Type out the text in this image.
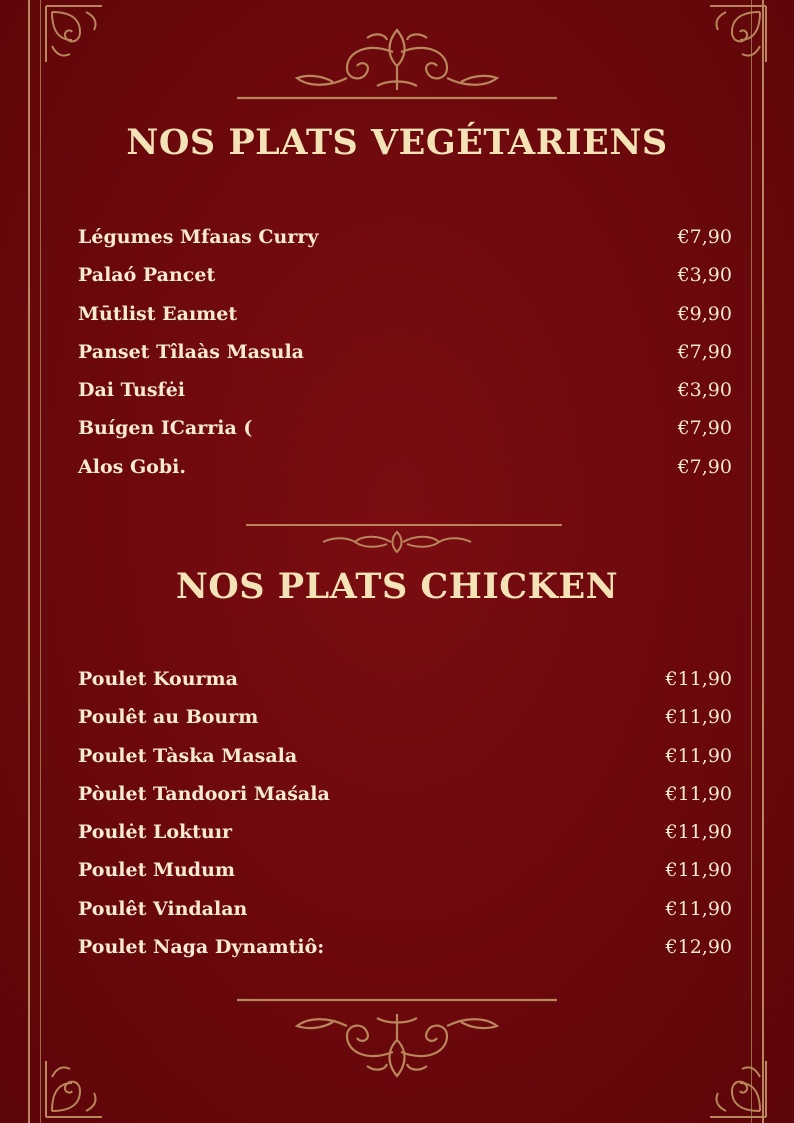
NOS PLATS VEGÉTARIENS
Légumes Mfaıas Curry	€7,90
Palaó Pancet	€3,90
Mūtlist Eaımet	€9,90
Panset Tîlaàs Masula	€7,90
Dai Tusfėi	€3,90
Buígen ICarria (	€7,90
Alos Gobi.	€7,90
NOS PLATS CHICKEN
Poulet Kourma	€11,90
Poulêt au Bourm	€11,90
Poulet Tàska Masala	€11,90
Pòulet Tandoori Maśala	€11,90
Poulėt Loktuır	€11,90
Poulet Mudum	€11,90
Poulêt Vindalan	€11,90
Poulet Naga Dynamtiô:	€12,90
